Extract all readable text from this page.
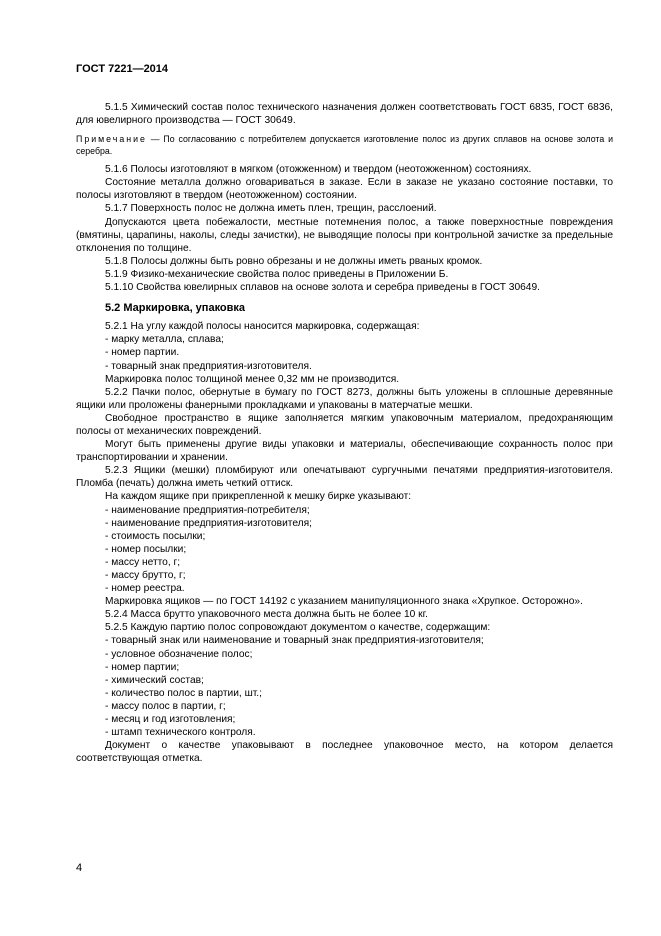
ГОСТ 7221—2014

5.1.5 Химический состав полос технического назначения должен соответствовать ГОСТ 6835, ГОСТ 6836, для ювелирного производства — ГОСТ 30649.

Примечание — По согласованию с потребителем допускается изготовление полос из других сплавов на основе золота и серебра.

5.1.6 Полосы изготовляют в мягком (отожженном) и твердом (неотожженном) состояниях.

Состояние металла должно оговариваться в заказе. Если в заказе не указано состояние поставки, то полосы изготовляют в твердом (неотожженном) состоянии.

5.1.7 Поверхность полос не должна иметь плен, трещин, расслоений.

Допускаются цвета побежалости, местные потемнения полос, а также поверхностные повреждения (вмятины, царапины, наколы, следы зачистки), не выводящие полосы при контрольной зачистке за предельные отклонения по толщине.

5.1.8 Полосы должны быть ровно обрезаны и не должны иметь рваных кромок.

5.1.9 Физико-механические свойства полос приведены в Приложении Б.

5.1.10 Свойства ювелирных сплавов на основе золота и серебра приведены в ГОСТ 30649.

5.2 Маркировка, упаковка

5.2.1 На углу каждой полосы наносится маркировка, содержащая:

- марку металла, сплава;

- номер партии.

- товарный знак предприятия-изготовителя.

Маркировка полос толщиной менее 0,32 мм не производится.

5.2.2 Пачки полос, обернутые в бумагу по ГОСТ 8273, должны быть уложены в сплошные деревянные ящики или проложены фанерными прокладками и упакованы в матерчатые мешки.

Свободное пространство в ящике заполняется мягким упаковочным материалом, предохраняющим полосы от механических повреждений.

Могут быть применены другие виды упаковки и материалы, обеспечивающие сохранность полос при транспортировании и хранении.

5.2.3 Ящики (мешки) пломбируют или опечатывают сургучными печатями предприятия-изготовителя. Пломба (печать) должна иметь четкий оттиск.

На каждом ящике при прикрепленной к мешку бирке указывают:

- наименование предприятия-потребителя;

- наименование предприятия-изготовителя;

- стоимость посылки;

- номер посылки;

- массу нетто, г;

- массу брутто, г;

- номер реестра.

Маркировка ящиков — по ГОСТ 14192 с указанием манипуляционного знака «Хрупкое. Осторожно».

5.2.4 Масса брутто упаковочного места должна быть не более 10 кг.

5.2.5 Каждую партию полос сопровождают документом о качестве, содержащим:

- товарный знак или наименование и товарный знак предприятия-изготовителя;

- условное обозначение полос;

- номер партии;

- химический состав;

- количество полос в партии, шт.;

- массу полос в партии, г;

- месяц и год изготовления;

- штамп технического контроля.

Документ о качестве упаковывают в последнее упаковочное место, на котором делается соответствующая отметка.

4
